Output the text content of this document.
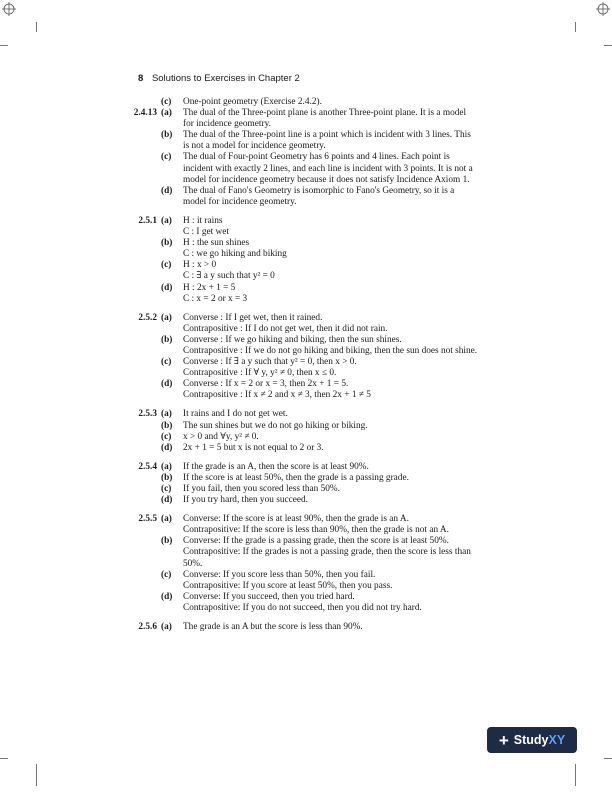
8 Solutions to Exercises in Chapter 2
(c)	One-point geometry (Exercise 2.4.2).
2.4.13 (a)	The dual of the Three-point plane is another Three-point plane. It is a model
for incidence geometry.
(b)	The dual of the Three-point line is a point which is incident with 3 lines. This
is not a model for incidence geometry.
(c)	The dual of Four-point Geometry has 6 points and 4 lines. Each point is
incident with exactly 2 lines, and each line is incident with 3 points. It is not a
model for incidence geometry because it does not satisfy Incidence Axiom 1.
(d)	The dual of Fano's Geometry is isomorphic to Fano's Geometry, so it is a
model for incidence geometry.
2.5.1 (a)	H : it rains
C : I get wet
(b)	H : the sun shines
C : we go hiking and biking
(c)	H : x > 0
C : ∃ a y such that y² = 0
(d)	H : 2x + 1 = 5
C : x = 2 or x = 3
2.5.2 (a)	Converse : If I get wet, then it rained.
Contrapositive : If I do not get wet, then it did not rain.
(b)	Converse : If we go hiking and biking, then the sun shines.
Contrapositive : If we do not go hiking and biking, then the sun does not shine.
(c)	Converse : If ∃ a y such that y² = 0, then x > 0.
Contrapositive : If ∀ y, y² ≠ 0, then x ≤ 0.
(d)	Converse : If x = 2 or x = 3, then 2x + 1 = 5.
Contrapositive : If x ≠ 2 and x ≠ 3, then 2x + 1 ≠ 5
2.5.3 (a)	It rains and I do not get wet.
(b)	The sun shines but we do not go hiking or biking.
(c)	x > 0 and ∀y, y² ≠ 0.
(d)	2x + 1 = 5 but x is not equal to 2 or 3.
2.5.4 (a)	If the grade is an A, then the score is at least 90%.
(b)	If the score is at least 50%, then the grade is a passing grade.
(c)	If you fail, then you scored less than 50%.
(d)	If you try hard, then you succeed.
2.5.5 (a)	Converse: If the score is at least 90%, then the grade is an A.
Contrapositive: If the score is less than 90%, then the grade is not an A.
(b)	Converse: If the grade is a passing grade, then the score is at least 50%.
Contrapositive: If the grades is not a passing grade, then the score is less than
50%.
(c)	Converse: If you score less than 50%, then you fail.
Contrapositive: If you score at least 50%, then you pass.
(d)	Converse: If you succeed, then you tried hard.
Contrapositive: If you do not succeed, then you did not try hard.
2.5.6 (a)	The grade is an A but the score is less than 90%.
+ Study XY
